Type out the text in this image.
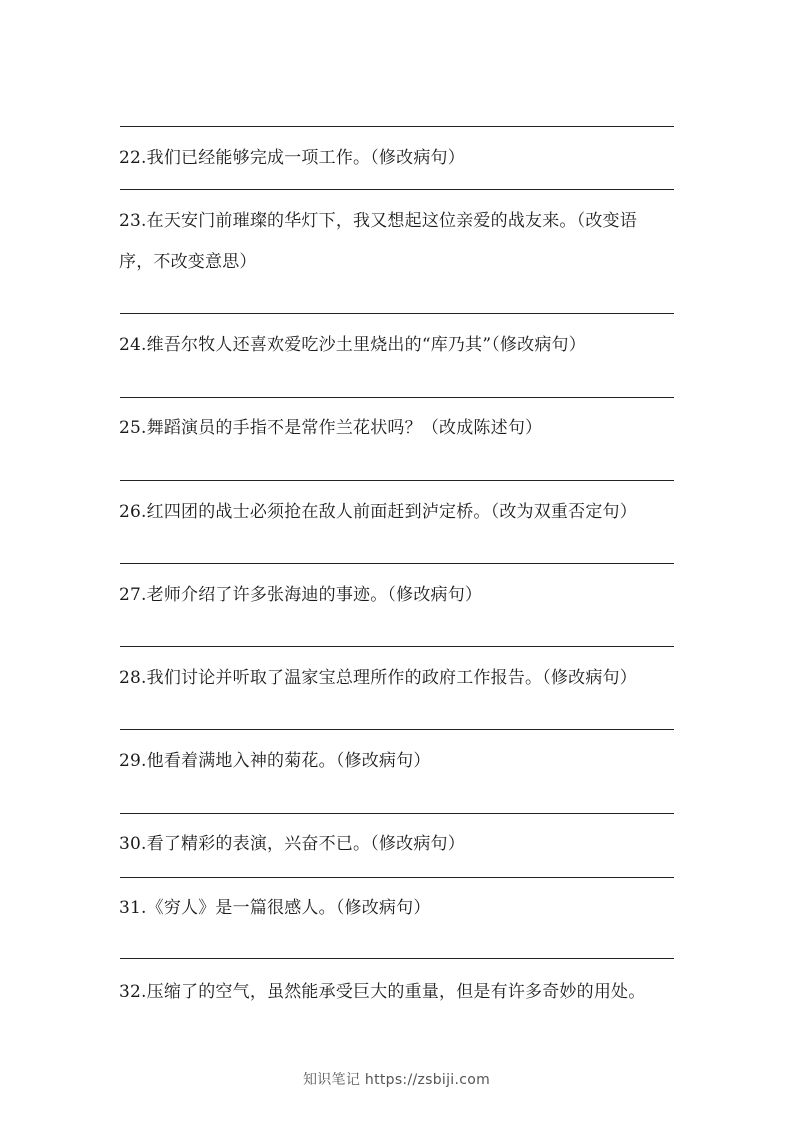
22.我们已经能够完成一项工作。（修改病句）
23.在天安门前璀璨的华灯下，我又想起这位亲爱的战友来。（改变语
序，不改变意思）
24.维吾尔牧人还喜欢爱吃沙土里烧出的“库乃其”（修改病句）
25.舞蹈演员的手指不是常作兰花状吗？（改成陈述句）
26.红四团的战士必须抢在敌人前面赶到泸定桥。（改为双重否定句）
27.老师介绍了许多张海迪的事迹。（修改病句）
28.我们讨论并听取了温家宝总理所作的政府工作报告。（修改病句）
29.他看着满地入神的菊花。（修改病句）
30.看了精彩的表演，兴奋不已。（修改病句）
31.《穷人》是一篇很感人。（修改病句）
32.压缩了的空气，虽然能承受巨大的重量，但是有许多奇妙的用处。
知识笔记 https://zsbiji.com
